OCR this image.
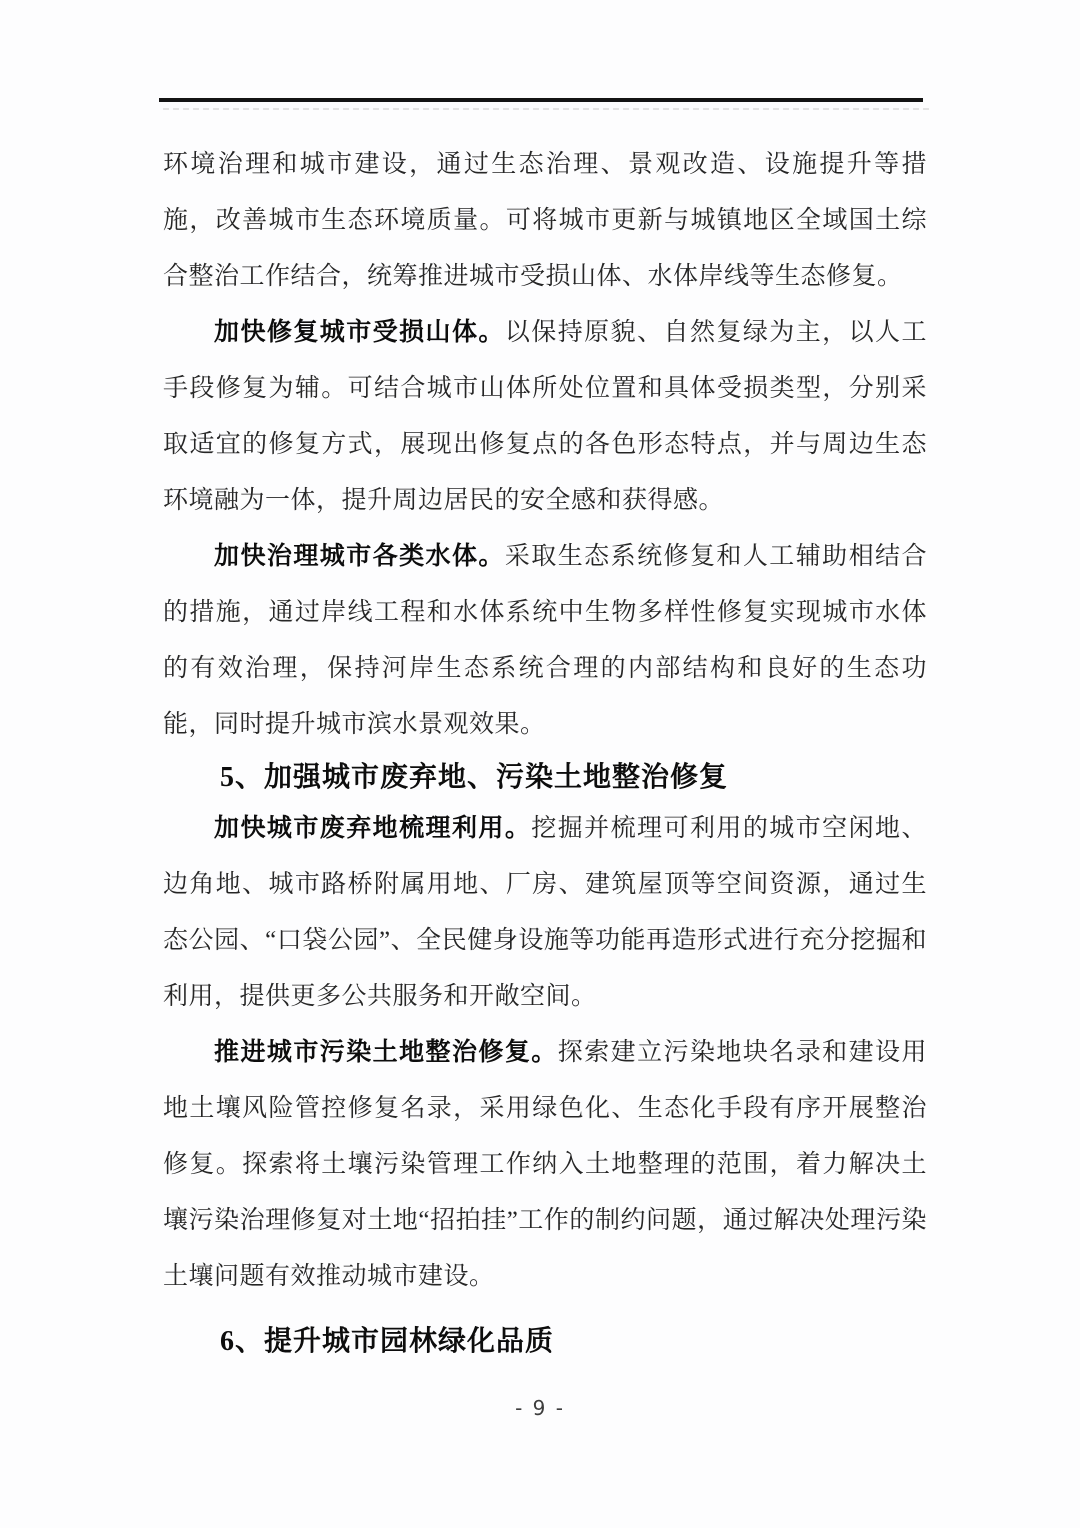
环境治理和城市建设，通过生态治理、景观改造、设施提升等措施，改善城市生态环境质量。可将城市更新与城镇地区全域国土综合整治工作结合，统筹推进城市受损山体、水体岸线等生态修复。

加快修复城市受损山体。以保持原貌、自然复绿为主，以人工手段修复为辅。可结合城市山体所处位置和具体受损类型，分别采取适宜的修复方式，展现出修复点的各色形态特点，并与周边生态环境融为一体，提升周边居民的安全感和获得感。

加快治理城市各类水体。采取生态系统修复和人工辅助相结合的措施，通过岸线工程和水体系统中生物多样性修复实现城市水体的有效治理，保持河岸生态系统合理的内部结构和良好的生态功能，同时提升城市滨水景观效果。

5、加强城市废弃地、污染土地整治修复

加快城市废弃地梳理利用。挖掘并梳理可利用的城市空闲地、边角地、城市路桥附属用地、厂房、建筑屋顶等空间资源，通过生态公园、“口袋公园”、全民健身设施等功能再造形式进行充分挖掘和利用，提供更多公共服务和开敞空间。

推进城市污染土地整治修复。探索建立污染地块名录和建设用地土壤风险管控修复名录，采用绿色化、生态化手段有序开展整治修复。探索将土壤污染管理工作纳入土地整理的范围，着力解决土壤污染治理修复对土地“招拍挂”工作的制约问题，通过解决处理污染土壤问题有效推动城市建设。

6、提升城市园林绿化品质
- 9 -
